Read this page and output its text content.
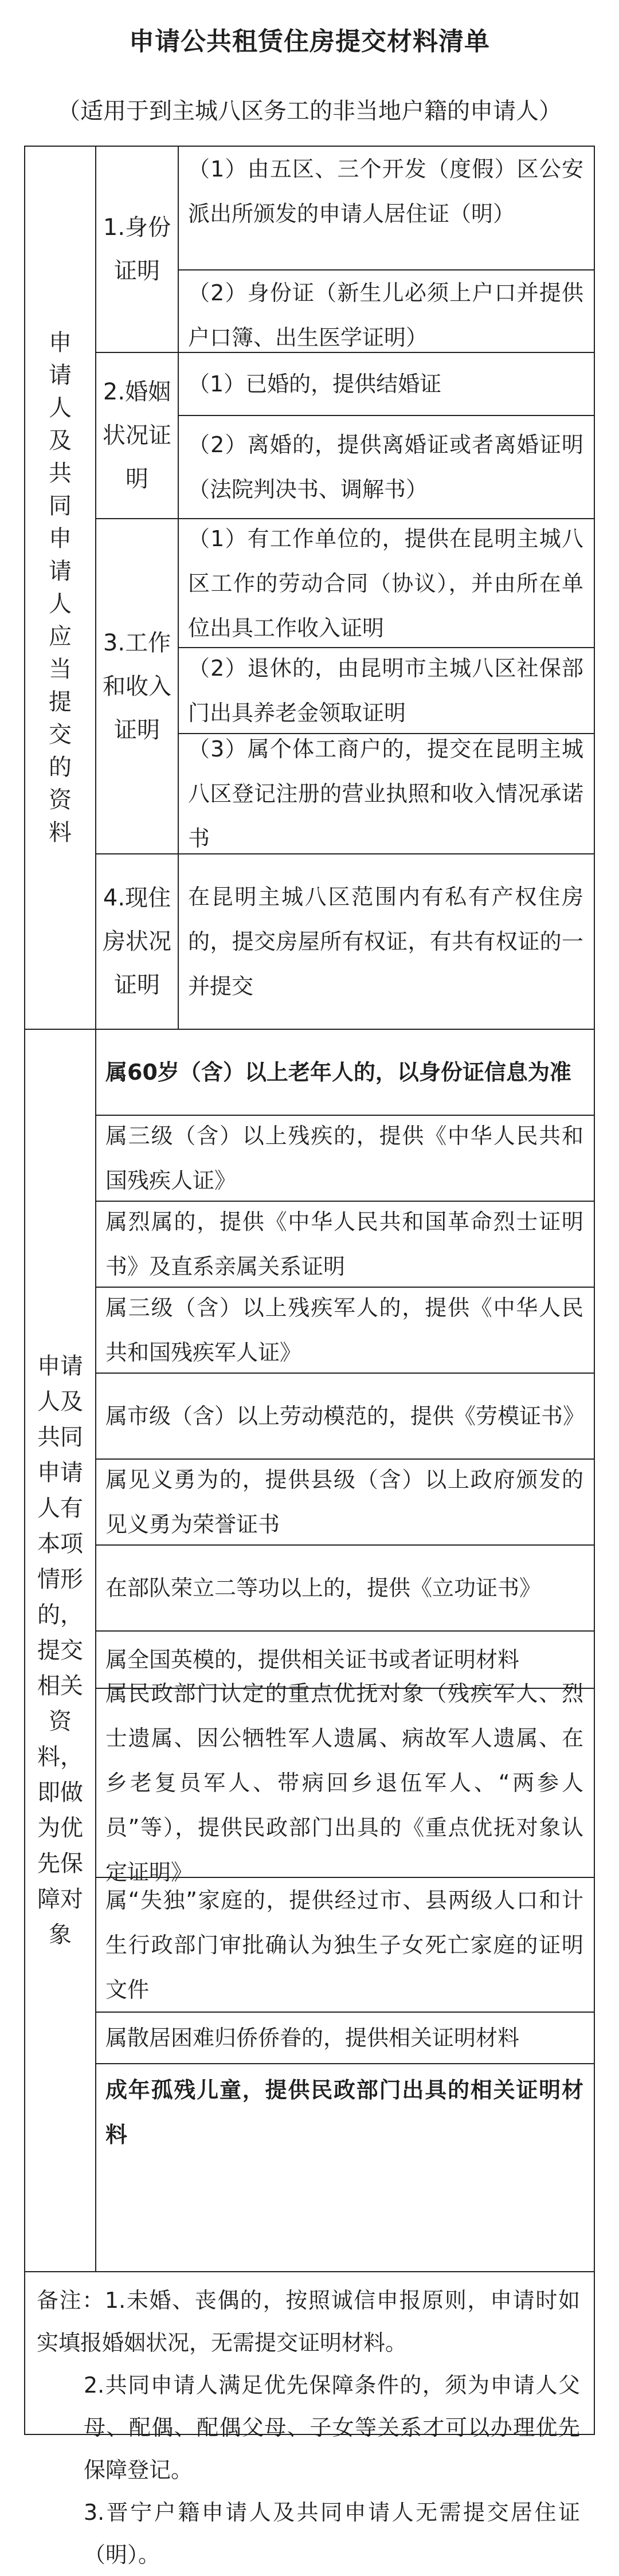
申请公共租赁住房提交材料清单
（适用于到主城八区务工的非当地户籍的申请人）
申请人及共同申请人应当提交的资料
1.身份证明
（1）由五区、三个开发（度假）区公安派出所颁发的申请人居住证（明）
（2）身份证（新生儿必须上户口并提供户口簿、出生医学证明）
2.婚姻状况证明
（1）已婚的，提供结婚证
（2）离婚的，提供离婚证或者离婚证明（法院判决书、调解书）
3.工作和收入证明
（1）有工作单位的，提供在昆明主城八区工作的劳动合同（协议），并由所在单位出具工作收入证明
（2）退休的，由昆明市主城八区社保部门出具养老金领取证明
（3）属个体工商户的，提交在昆明主城八区登记注册的营业执照和收入情况承诺书
4.现住房状况证明
在昆明主城八区范围内有私有产权住房的，提交房屋所有权证，有共有权证的一并提交
申请人及共同申请人有本项情形的，提交相关资料，即做为优先保障对象
属60岁（含）以上老年人的，以身份证信息为准
属三级（含）以上残疾的，提供《中华人民共和国残疾人证》
属烈属的，提供《中华人民共和国革命烈士证明书》及直系亲属关系证明
属三级（含）以上残疾军人的，提供《中华人民共和国残疾军人证》
属市级（含）以上劳动模范的，提供《劳模证书》
属见义勇为的，提供县级（含）以上政府颁发的见义勇为荣誉证书
在部队荣立二等功以上的，提供《立功证书》
属全国英模的，提供相关证书或者证明材料
属民政部门认定的重点优抚对象（残疾军人、烈士遗属、因公牺牲军人遗属、病故军人遗属、在乡老复员军人、带病回乡退伍军人、“两参人员”等），提供民政部门出具的《重点优抚对象认定证明》
属“失独”家庭的，提供经过市、县两级人口和计生行政部门审批确认为独生子女死亡家庭的证明文件
属散居困难归侨侨眷的，提供相关证明材料
成年孤残儿童，提供民政部门出具的相关证明材料

备注：1.未婚、丧偶的，按照诚信申报原则，申请时如实填报婚姻状况，无需提交证明材料。

2.共同申请人满足优先保障条件的，须为申请人父母、配偶、配偶父母、子女等关系才可以办理优先保障登记。

3.晋宁户籍申请人及共同申请人无需提交居住证（明）。
